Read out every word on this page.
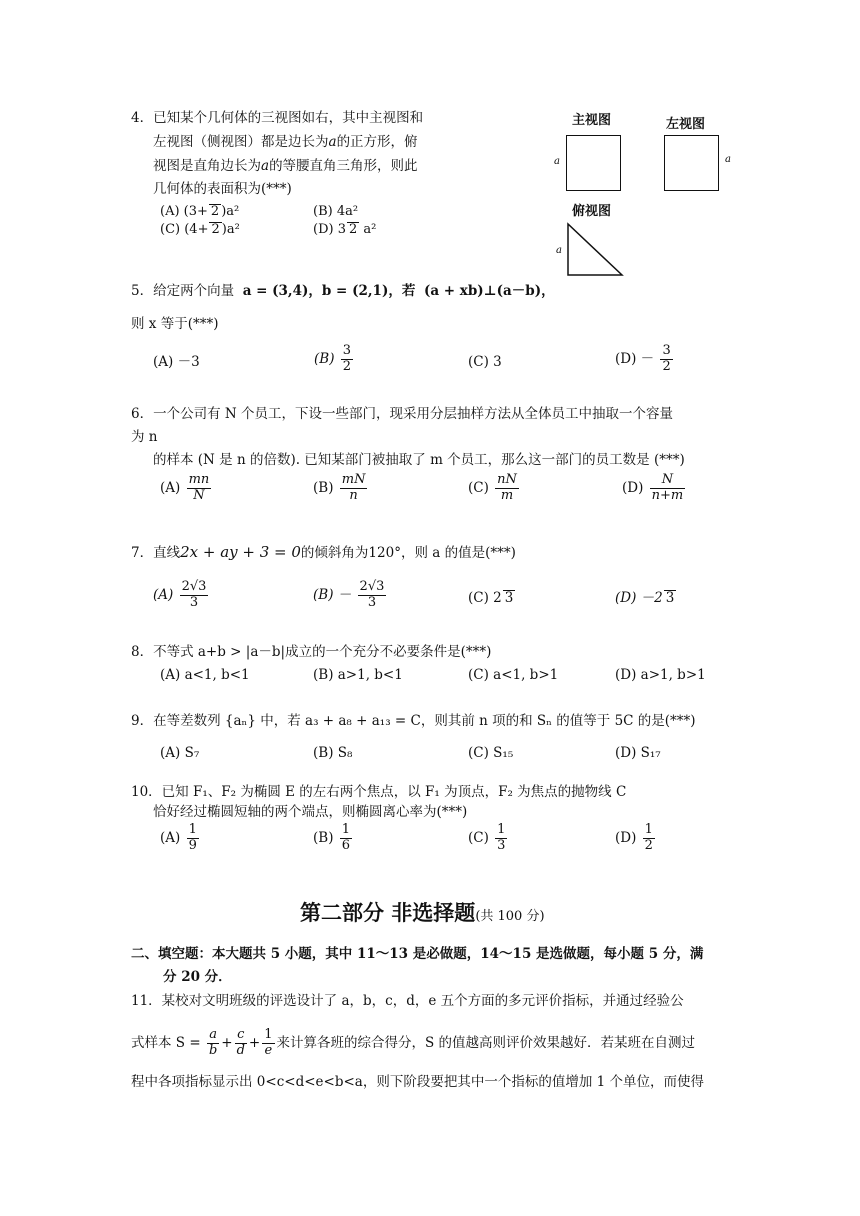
4．已知某个几何体的三视图如右，其中主视图和
左视图（侧视图）都是边长为a的正方形，俯
视图是直角边长为a的等腰直角三角形，则此
几何体的表面积为(***)
(A) (3+ 2 )a²	(B) 4a²
(C) (4+ 2 )a²	(D) 3 2 a²
主视图	左视图
俯视图
a	a
a
5．给定两个向量 a = (3,4)，b = (2,1)，若 (a + xb)⊥(a－b)，
则 x 等于(***)
(A) －3	$(B) \frac{3}{2}$	(C) 3	$(D) - \frac{3}{2}$
6．一个公司有 N 个员工，下设一些部门，现采用分层抽样方法从全体员工中抽取一个容量
为 n
的样本 (N 是 n 的倍数). 已知某部门被抽取了 m 个员工，那么这一部门的员工数是 (***)
$(A) \frac{mn}{N}$	$(B) \frac{mN}{n}$	$(C) \frac{nN}{m}$	$(D) \frac{N}{n+m}$
7．直线2x + ay + 3 = 0的倾斜角为120°，则 a 的值是(***)
$(A) \frac{2√3}{3}$	$(B) - \frac{2√3}{3}$	(C) 2 3	(D) －2 3
8．不等式 a+b > |a－b|成立的一个充分不必要条件是(***)
(A) a<1, b<1	(B) a>1, b<1	(C) a<1, b>1	(D) a>1, b>1
9．在等差数列 {aₙ} 中，若 a₃ + a₈ + a₁₃ = C，则其前 n 项的和 Sₙ 的值等于 5C 的是(***)
(A) S₇	(B) S₈	(C) S₁₅	(D) S₁₇
10．已知 F₁、F₂ 为椭圆 E 的左右两个焦点，以 F₁ 为顶点，F₂ 为焦点的抛物线 C
恰好经过椭圆短轴的两个端点，则椭圆离心率为(***)
$(A) \frac{1}{9}$	$(B) \frac{1}{6}$	$(C) \frac{1}{3}$	$(D) \frac{1}{2}$
第二部分 非选择题(共 100 分)
二、填空题：本大题共 5 小题，其中 11～13 是必做题，14～15 是选做题，每小题 5 分，满
分 20 分．
11．某校对文明班级的评选设计了 a，b，c，d，e 五个方面的多元评价指标，并通过经验公
式样本 $S = \frac{a}{b} + \frac{c}{d} + \frac{1}{e}$ 来计算各班的综合得分，S 的值越高则评价效果越好．若某班在自测过
程中各项指标显示出 0<c<d<e<b<a，则下阶段要把其中一个指标的值增加 1 个单位，而使得
